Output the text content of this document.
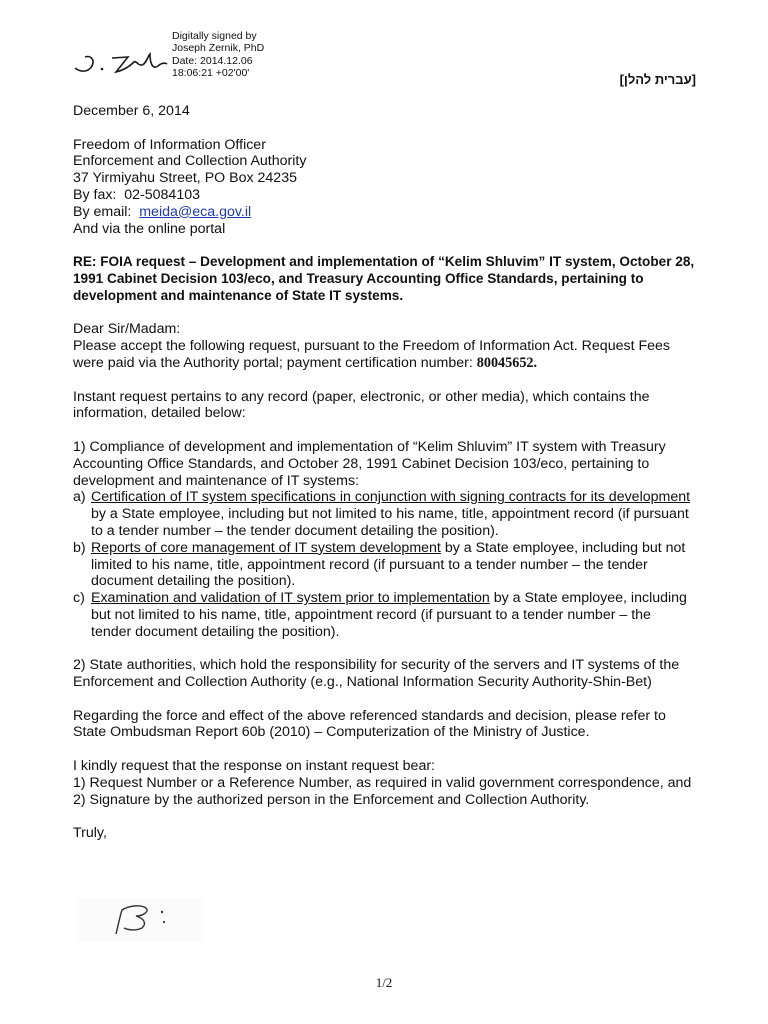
Digitally signed by
Joseph Zernik, PhD
Date: 2014.12.06
18:06:21 +02'00'	[עברית להלן]

December 6, 2014

Freedom of Information Officer

Enforcement and Collection Authority

37 Yirmiyahu Street, PO Box 24235

By fax:  02-5084103

By email:  meida@eca.gov.il

And via the online portal

RE: FOIA request – Development and implementation of “Kelim Shluvim” IT system, October 28, 1991 Cabinet Decision 103/eco, and Treasury Accounting Office Standards, pertaining to development and maintenance of State IT systems.

Dear Sir/Madam:

Please accept the following request, pursuant to the Freedom of Information Act. Request Fees were paid via the Authority portal; payment certification number: 80045652.

Instant request pertains to any record (paper, electronic, or other media), which contains the information, detailed below:

1) Compliance of development and implementation of “Kelim Shluvim” IT system with Treasury Accounting Office Standards, and October 28, 1991 Cabinet Decision 103/eco, pertaining to development and maintenance of IT systems:

a) Certification of IT system specifications in conjunction with signing contracts for its development by a State employee, including but not limited to his name, title, appointment record (if pursuant to a tender number – the tender document detailing the position).
b) Reports of core management of IT system development by a State employee, including but not limited to his name, title, appointment record (if pursuant to a tender number – the tender document detailing the position).
c) Examination and validation of IT system prior to implementation by a State employee, including but not limited to his name, title, appointment record (if pursuant to a tender number – the tender document detailing the position).

2) State authorities, which hold the responsibility for security of the servers and IT systems of the Enforcement and Collection Authority (e.g., National Information Security Authority-Shin-Bet)

Regarding the force and effect of the above referenced standards and decision, please refer to State Ombudsman Report 60b (2010) – Computerization of the Ministry of Justice.

I kindly request that the response on instant request bear:

1) Request Number or a Reference Number, as required in valid government correspondence, and

2) Signature by the authorized person in the Enforcement and Collection Authority.

Truly,

1/2
